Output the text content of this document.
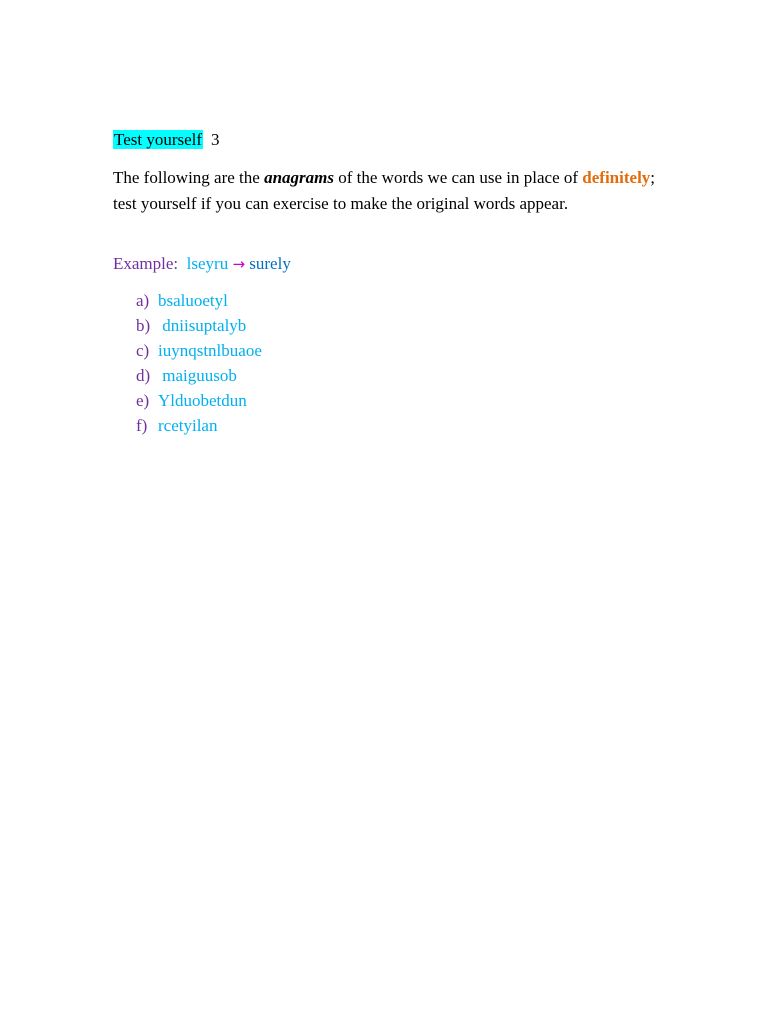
Test yourself 3
The following are the anagrams of the words we can use in place of definitely; test yourself if you can exercise to make the original words appear.
Example: lseyru → surely
a) bsaluoetyl
b) dniisuptalyb
c) iuynqstnlbuaoe
d) maiguusob
e) Ylduobetdun
f) rcetyilan
